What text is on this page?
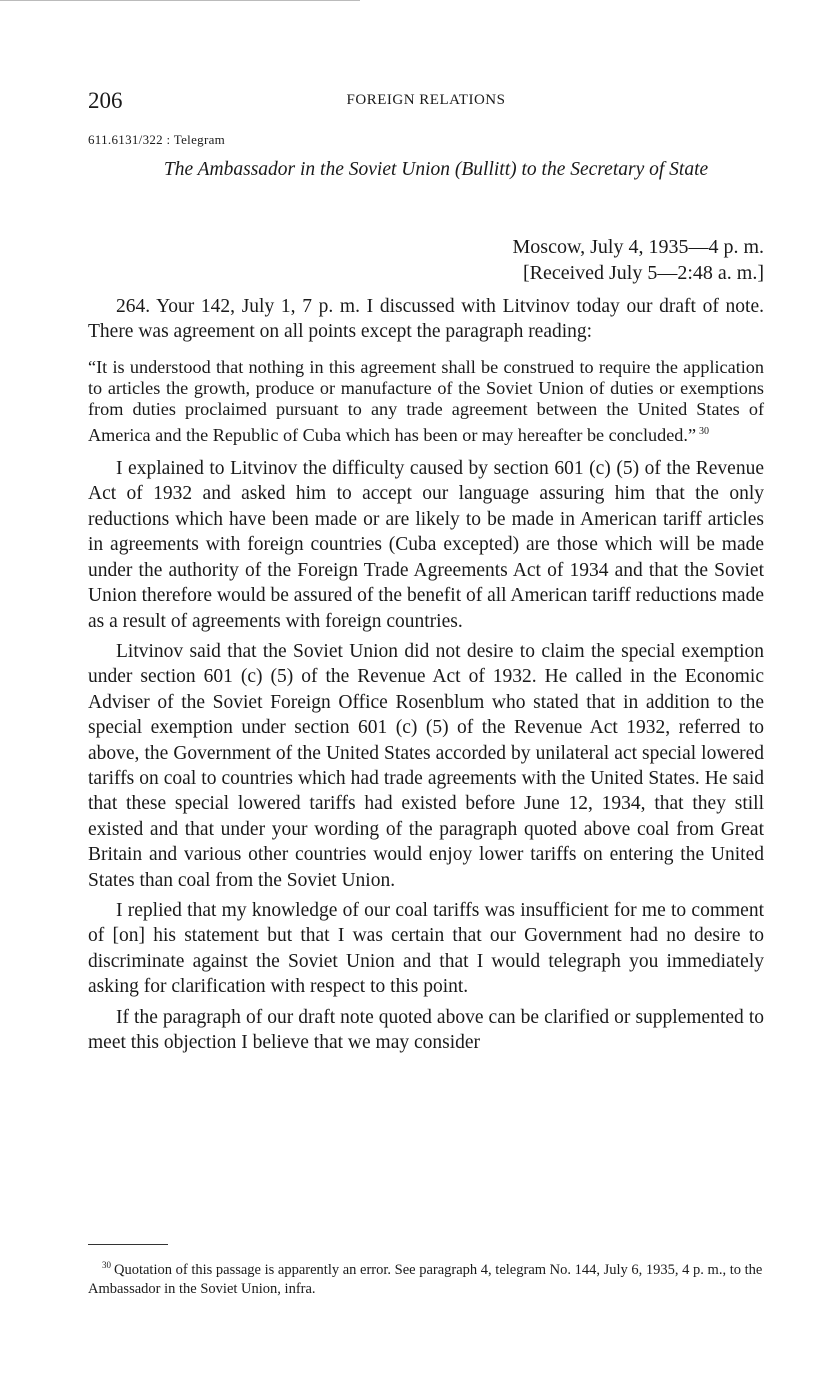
206	FOREIGN RELATIONS
611.6131/322 : Telegram
The Ambassador in the Soviet Union (Bullitt) to the Secretary of State
Moscow, July 4, 1935—4 p. m.
[Received July 5—2:48 a. m.]

264. Your 142, July 1, 7 p. m. I discussed with Litvinov today our draft of note. There was agreement on all points except the paragraph reading:

“It is understood that nothing in this agreement shall be construed to require the application to articles the growth, produce or manufacture of the Soviet Union of duties or exemptions from duties proclaimed pursuant to any trade agreement between the United States of America and the Republic of Cuba which has been or may hereafter be concluded.” $^{30}$

I explained to Litvinov the difficulty caused by section 601 (c) (5) of the Revenue Act of 1932 and asked him to accept our language assuring him that the only reductions which have been made or are likely to be made in American tariff articles in agreements with foreign countries (Cuba excepted) are those which will be made under the authority of the Foreign Trade Agreements Act of 1934 and that the Soviet Union therefore would be assured of the benefit of all American tariff reductions made as a result of agreements with foreign countries.

Litvinov said that the Soviet Union did not desire to claim the special exemption under section 601 (c) (5) of the Revenue Act of 1932. He called in the Economic Adviser of the Soviet Foreign Office Rosenblum who stated that in addition to the special exemption under section 601 (c) (5) of the Revenue Act 1932, referred to above, the Government of the United States accorded by unilateral act special lowered tariffs on coal to countries which had trade agreements with the United States. He said that these special lowered tariffs had existed before June 12, 1934, that they still existed and that under your wording of the paragraph quoted above coal from Great Britain and various other countries would enjoy lower tariffs on entering the United States than coal from the Soviet Union.

I replied that my knowledge of our coal tariffs was insufficient for me to comment of [on] his statement but that I was certain that our Government had no desire to discriminate against the Soviet Union and that I would telegraph you immediately asking for clarification with respect to this point.

If the paragraph of our draft note quoted above can be clarified or supplemented to meet this objection I believe that we may consider

$^{30}$ Quotation of this passage is apparently an error. See paragraph 4, telegram No. 144, July 6, 1935, 4 p. m., to the Ambassador in the Soviet Union, infra.
